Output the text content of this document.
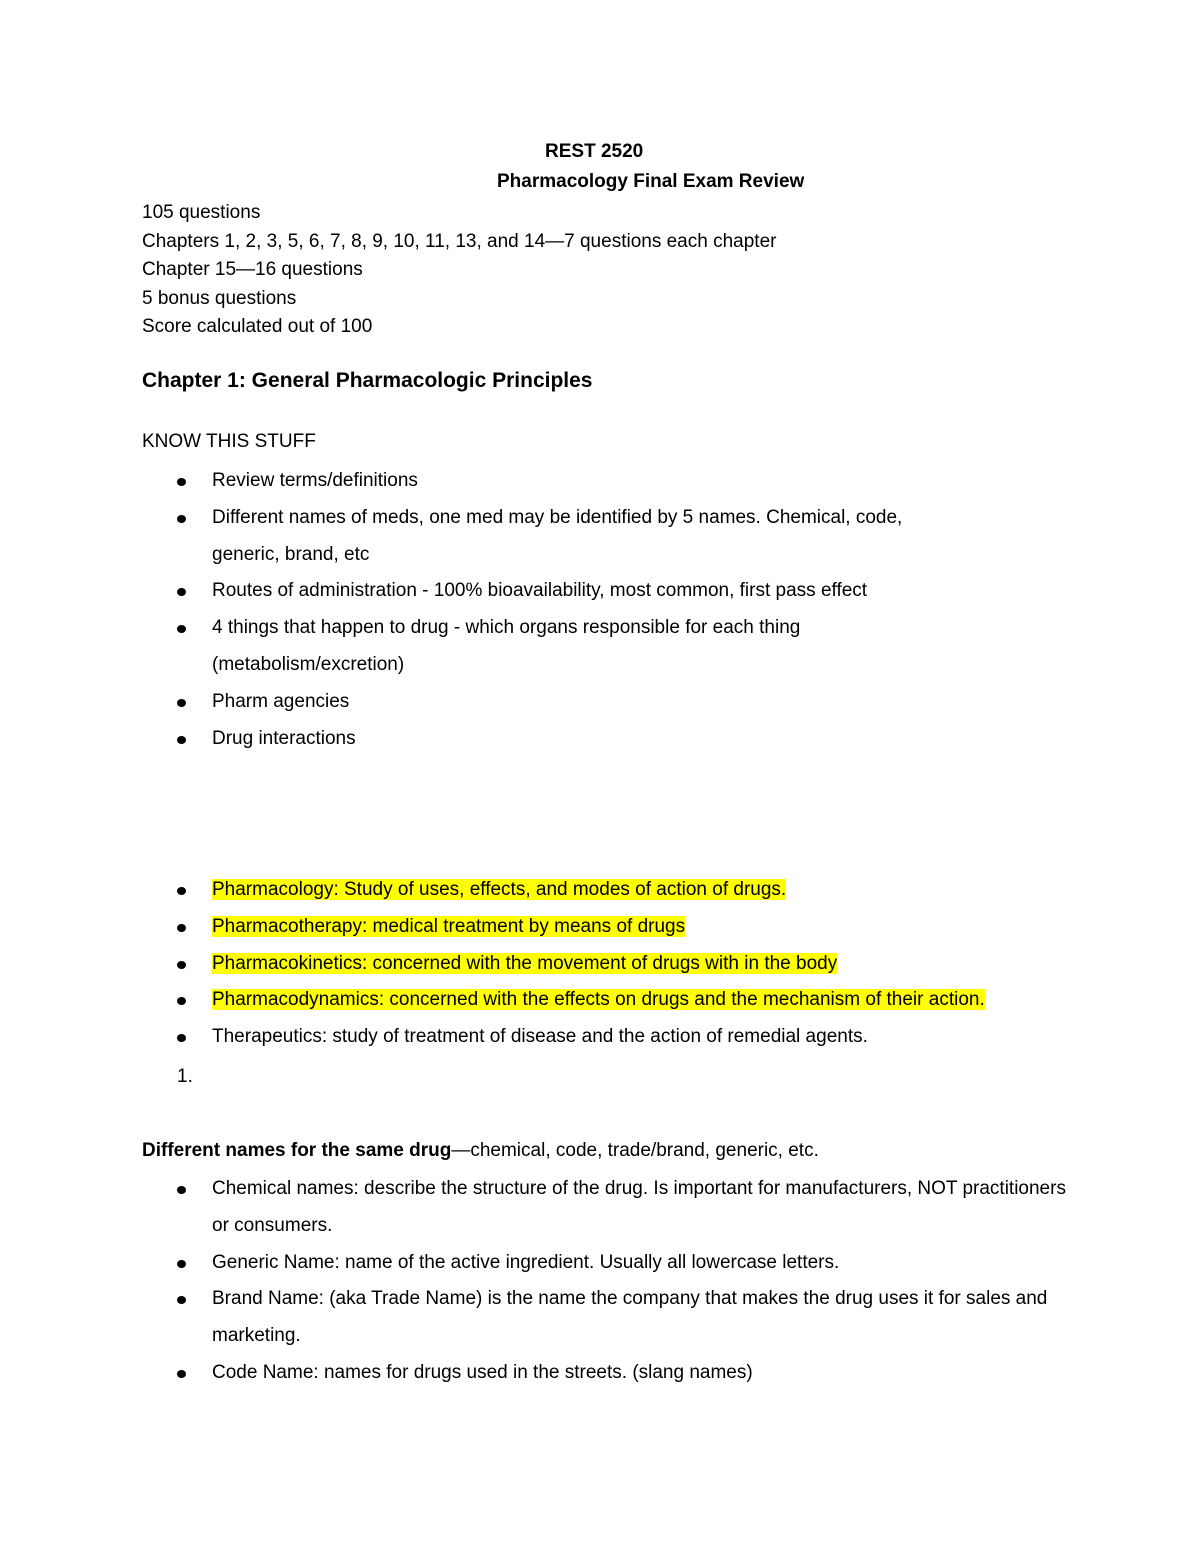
REST 2520
Pharmacology Final Exam Review
105 questions
Chapters 1, 2, 3, 5, 6, 7, 8, 9, 10, 11, 13, and 14—7 questions each chapter
Chapter 15—16 questions
5 bonus questions
Score calculated out of 100
Chapter 1: General Pharmacologic Principles
KNOW THIS STUFF
Review terms/definitions
Different names of meds, one med may be identified by 5 names. Chemical, code,
generic, brand, etc
Routes of administration - 100% bioavailability, most common, first pass effect
4 things that happen to drug - which organs responsible for each thing
(metabolism/excretion)
Pharm agencies
Drug interactions
Pharmacology: Study of uses, effects, and modes of action of drugs.
Pharmacotherapy: medical treatment by means of drugs
Pharmacokinetics: concerned with the movement of drugs with in the body
Pharmacodynamics: concerned with the effects on drugs and the mechanism of their action.
Therapeutics: study of treatment of disease and the action of remedial agents.
1.
Different names for the same drug—chemical, code, trade/brand, generic, etc.
Chemical names: describe the structure of the drug. Is important for manufacturers, NOT practitioners
or consumers.
Generic Name: name of the active ingredient. Usually all lowercase letters.
Brand Name: (aka Trade Name) is the name the company that makes the drug uses it for sales and
marketing.
Code Name: names for drugs used in the streets. (slang names)
